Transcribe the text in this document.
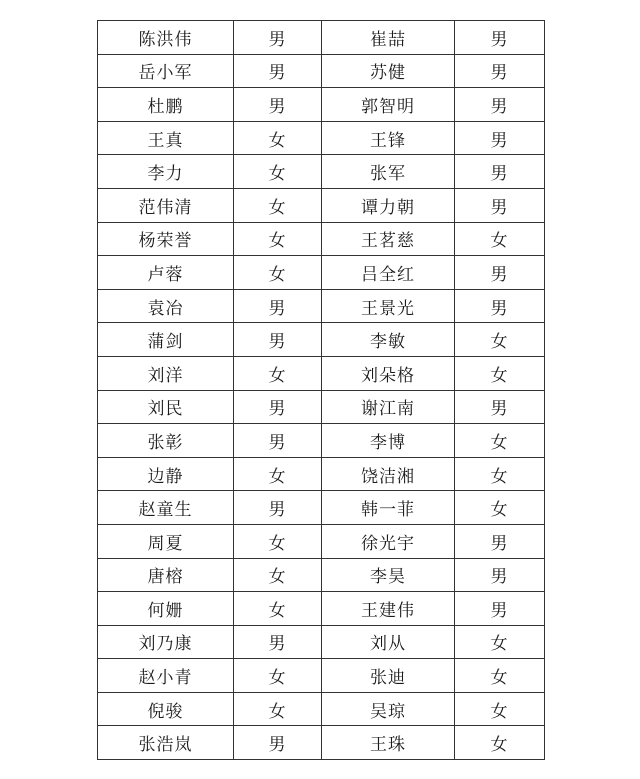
陈洪伟	男	崔喆	男
岳小军	男	苏健	男
杜鹏	男	郭智明	男
王真	女	王锋	男
李力	女	张军	男
范伟清	女	谭力朝	男
杨荣誉	女	王茗慈	女
卢蓉	女	吕全红	男
袁冶	男	王景光	男
蒲剑	男	李敏	女
刘洋	女	刘朵格	女
刘民	男	谢江南	男
张彰	男	李博	女
边静	女	饶洁湘	女
赵童生	男	韩一菲	女
周夏	女	徐光宇	男
唐榕	女	李昊	男
何姗	女	王建伟	男
刘乃康	男	刘从	女
赵小青	女	张迪	女
倪骏	女	吴琼	女
张浩岚	男	王珠	女
